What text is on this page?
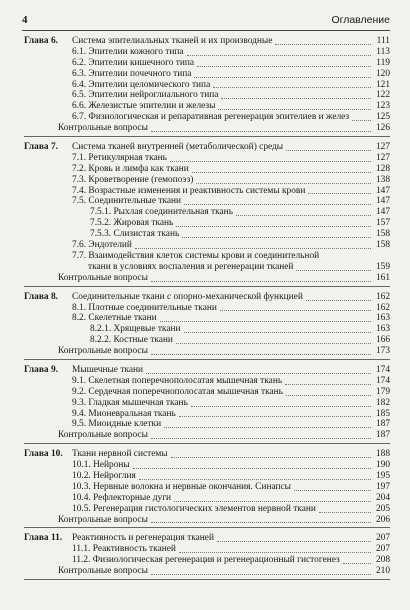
4	Оглавление
Глава 6.	Система эпителиальных тканей и их производные	111
6.1. Эпителии кожного типа	113
6.2. Эпителии кишечного типа	119
6.3. Эпителии почечного типа	120
6.4. Эпителии целомического типа	121
6.5. Эпителии нейроглиального типа	122
6.6. Железистые эпителии и железы	123
6.7. Физиологическая и репаративная регенерация эпителиев и желез	125
Контрольные вопросы	126
Глава 7.	Система тканей внутренней (метаболической) среды	127
7.1. Ретикулярная ткань	127
7.2. Кровь и лимфа как ткани	128
7.3. Кроветворение (гемопоэз)	138
7.4. Возрастные изменения и реактивность системы крови	147
7.5. Соединительные ткани	147
7.5.1. Рыхлая соединительная ткань	147
7.5.2. Жировая ткань	157
7.5.3. Слизистая ткань	158
7.6. Эндотелий	158
7.7. Взаимодействия клеток системы крови и соединительной
ткани в условиях воспаления и регенерации тканей	159
Контрольные вопросы	161
Глава 8.	Соединительные ткани с опорно-механической функцией	162
8.1. Плотные соединительные ткани	162
8.2. Скелетные ткани	163
8.2.1. Хрящевые ткани	163
8.2.2. Костные ткани	166
Контрольные вопросы	173
Глава 9.	Мышечные ткани	174
9.1. Скелетная поперечнополосатая мышечная ткань	174
9.2. Сердечная поперечнополосатая мышечная ткань	179
9.3. Гладкая мышечная ткань	182
9.4. Мионевральная ткань	185
9.5. Миоидные клетки	187
Контрольные вопросы	187
Глава 10. Ткани нервной системы	188
10.1. Нейроны	190
10.2. Нейроглия	195
10.3. Нервные волокна и нервные окончания. Синапсы	197
10.4. Рефлекторные дуги	204
10.5. Регенерация гистологических элементов нервной ткани	205
Контрольные вопросы	206
Глава 11.	Реактивность и регенерация тканей	207
11.1. Реактивность тканей	207
11.2. Физиологическая регенерация и регенерационный гистогенез	208
Контрольные вопросы	210
